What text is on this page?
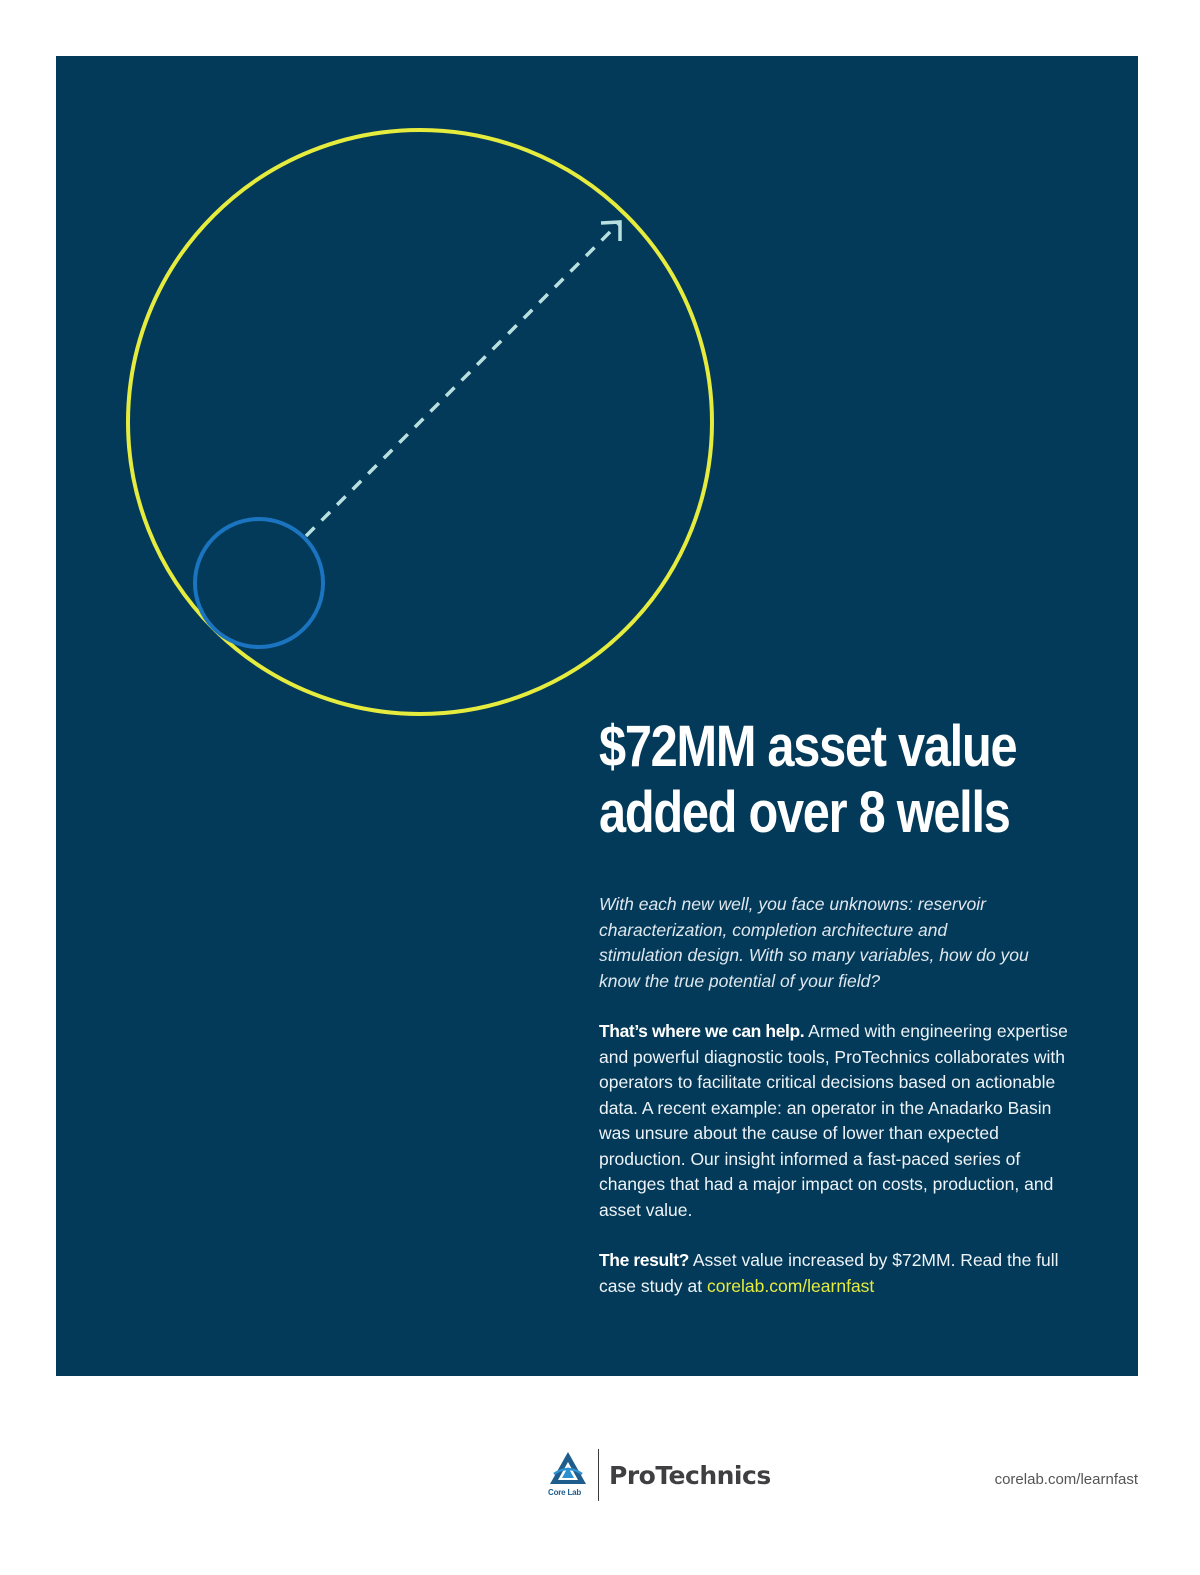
$72MM asset value
added over 8 wells

With each new well, you face unknowns: reservoir characterization, completion architecture and stimulation design. With so many variables, how do you know the true potential of your field?

That’s where we can help. Armed with engineering expertise and powerful diagnostic tools, ProTechnics collaborates with operators to facilitate critical decisions based on actionable data. A recent example: an operator in the Anadarko Basin was unsure about the cause of lower than expected production. Our insight informed a fast-paced series of changes that had a major impact on costs, production, and asset value.

The result? Asset value increased by $72MM. Read the full case study at corelab.com/learnfast

Core Lab
ProTechnics	corelab.com/learnfast
